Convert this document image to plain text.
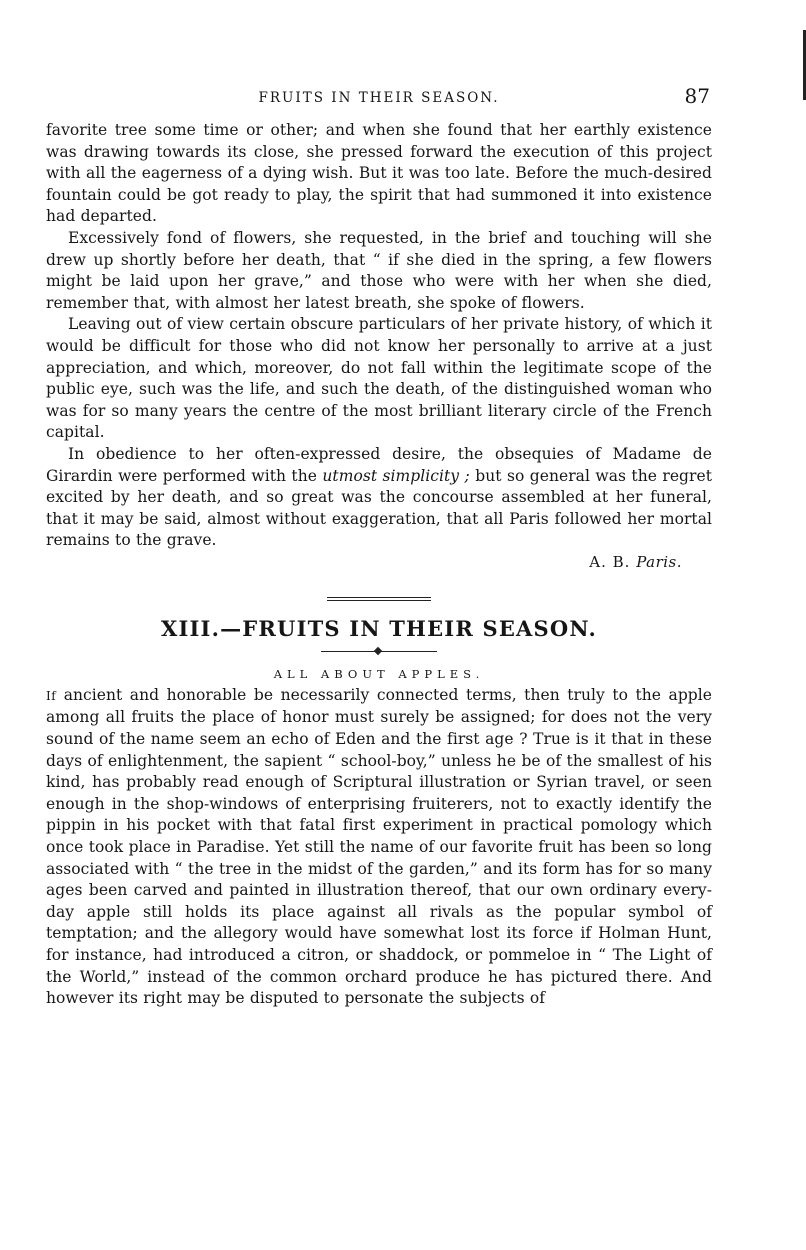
FRUITS IN THEIR SEASON.	87

favorite tree some time or other; and when she found that her earthly existence was drawing towards its close, she pressed forward the execution of this project with all the eagerness of a dying wish. But it was too late. Before the much-desired fountain could be got ready to play, the spirit that had summoned it into existence had departed.

Excessively fond of flowers, she requested, in the brief and touching will she drew up shortly before her death, that “ if she died in the spring, a few flowers might be laid upon her grave,” and those who were with her when she died, remember that, with almost her latest breath, she spoke of flowers.

Leaving out of view certain obscure particulars of her private history, of which it would be difficult for those who did not know her personally to arrive at a just appreciation, and which, moreover, do not fall within the legitimate scope of the public eye, such was the life, and such the death, of the distinguished woman who was for so many years the centre of the most brilliant literary circle of the French capital.

In obedience to her often-expressed desire, the obsequies of Madame de Girardin were performed with the utmost simplicity ; but so general was the regret excited by her death, and so great was the concourse assembled at her funeral, that it may be said, almost without exaggeration, that all Paris followed her mortal remains to the grave.

A. B. Paris.
XIII.—FRUITS IN THEIR SEASON.
ALL ABOUT APPLES.

If ancient and honorable be necessarily connected terms, then truly to the apple among all fruits the place of honor must surely be assigned; for does not the very sound of the name seem an echo of Eden and the first age ? True is it that in these days of enlightenment, the sapient “ school-boy,” unless he be of the smallest of his kind, has probably read enough of Scriptural illustration or Syrian travel, or seen enough in the shop-windows of enterprising fruiterers, not to exactly identify the pippin in his pocket with that fatal first experiment in practical pomology which once took place in Paradise. Yet still the name of our favorite fruit has been so long associated with “ the tree in the midst of the garden,” and its form has for so many ages been carved and painted in illustration thereof, that our own ordinary every-day apple still holds its place against all rivals as the popular symbol of temptation; and the allegory would have somewhat lost its force if Holman Hunt, for instance, had introduced a citron, or shaddock, or pommeloe in “ The Light of the World,” instead of the common orchard produce he has pictured there. And however its right may be disputed to personate the subjects of
